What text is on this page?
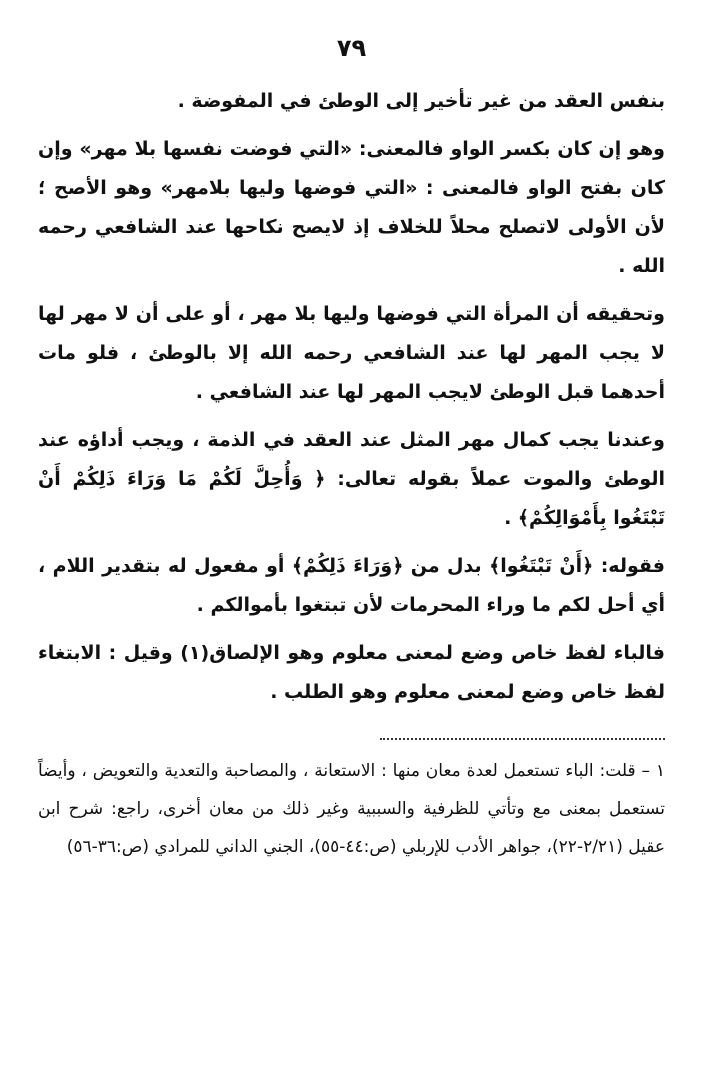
٧٩

بنفس العقد من غير تأخير إلى الوطئ في المفوضة .

وهو إن كان بكسر الواو فالمعنى: «التي فوضت نفسها بلا مهر» وإن كان بفتح الواو فالمعنى : «التي فوضها وليها بلامهر» وهو الأصح ؛ لأن الأولى لاتصلح محلاً للخلاف إذ لايصح نكاحها عند الشافعي رحمه الله .

وتحقيقه أن المرأة التي فوضها وليها بلا مهر ، أو على أن لا مهر لها لا يجب المهر لها عند الشافعي رحمه الله إلا بالوطئ ، فلو مات أحدهما قبل الوطئ لايجب المهر لها عند الشافعي .

وعندنا يجب كمال مهر المثل عند العقد في الذمة ، ويجب أداؤه عند الوطئ والموت عملاً بقوله تعالى: ﴿ وَأُحِلَّ لَكُمْ مَا وَرَاءَ ذَلِكُمْ أَنْ تَبْتَغُوا بِأَمْوَالِكُمْ﴾ .

فقوله: ﴿أَنْ تَبْتَغُوا﴾ بدل من ﴿وَرَاءَ ذَلِكُمْ﴾ أو مفعول له بتقدير اللام ، أي أحل لكم ما وراء المحرمات لأن تبتغوا بأموالكم .

فالباء لفظ خاص وضع لمعنى معلوم وهو الإلصاق(١) وقيل : الابتغاء لفظ خاص وضع لمعنى معلوم وهو الطلب .

١ – قلت: الباء تستعمل لعدة معان منها : الاستعانة ، والمصاحبة والتعدية والتعويض ، وأيضاً تستعمل بمعنى مع وتأتي للظرفية والسببية وغير ذلك من معان أخرى، راجع: شرح ابن عقيل (٢/٢١-٢٢)، جواهر الأدب للإربلي (ص:٤٤-٥٥)، الجني الداني للمرادي (ص:٣٦-٥٦)
